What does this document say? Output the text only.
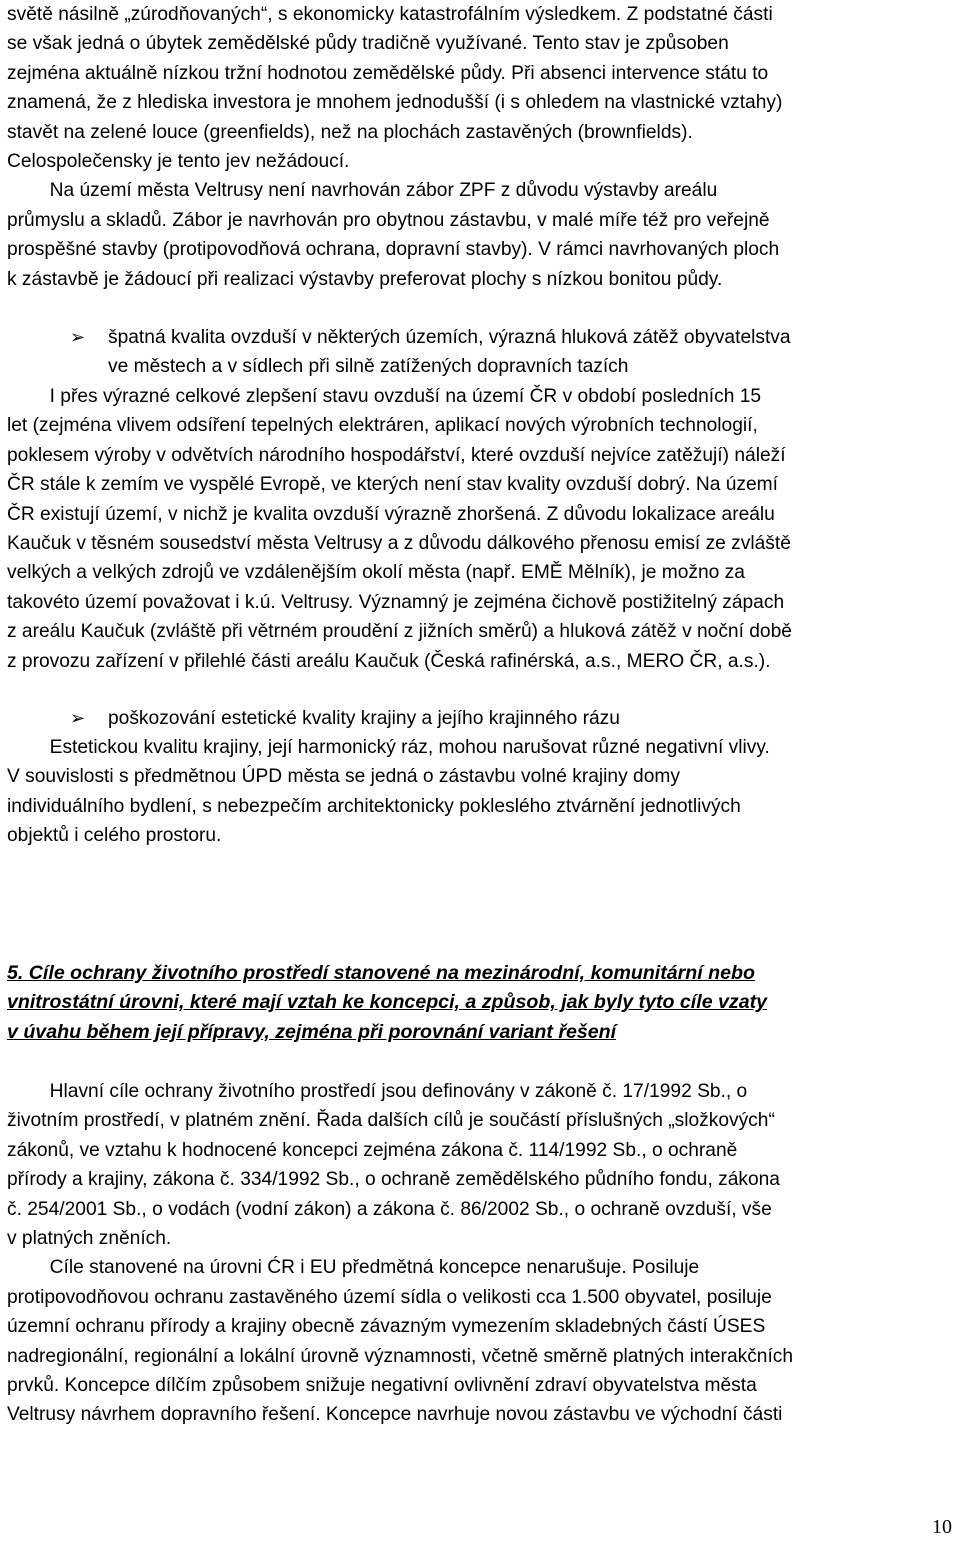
světě násilně „zúrodňovaných“, s ekonomicky katastrofálním výsledkem. Z podstatné části
se však jedná o úbytek zemědělské půdy tradičně využívané. Tento stav je způsoben
zejména aktuálně nízkou tržní hodnotou zemědělské půdy. Při absenci intervence státu to
znamená, že z hlediska investora je mnohem jednodušší (i s ohledem na vlastnické vztahy)
stavět na zelené louce (greenfields), než na plochách zastavěných (brownfields).
Celospolečensky je tento jev nežádoucí.
Na území města Veltrusy není navrhován zábor ZPF z důvodu výstavby areálu
průmyslu a skladů. Zábor je navrhován pro obytnou zástavbu, v malé míře též pro veřejně
prospěšné stavby (protipovodňová ochrana, dopravní stavby). V rámci navrhovaných ploch
k zástavbě je žádoucí při realizaci výstavby preferovat plochy s nízkou bonitou půdy.
➢ špatná kvalita ovzduší v některých územích, výrazná hluková zátěž obyvatelstva
ve městech a v sídlech při silně zatížených dopravních tazích
I přes výrazné celkové zlepšení stavu ovzduší na území ČR v období posledních 15
let (zejména vlivem odsíření tepelných elektráren, aplikací nových výrobních technologií,
poklesem výroby v odvětvích národního hospodářství, které ovzduší nejvíce zatěžují) náleží
ČR stále k zemím ve vyspělé Evropě, ve kterých není stav kvality ovzduší dobrý. Na území
ČR existují území, v nichž je kvalita ovzduší výrazně zhoršená. Z důvodu lokalizace areálu
Kaučuk v těsném sousedství města Veltrusy a z důvodu dálkového přenosu emisí ze zvláště
velkých a velkých zdrojů ve vzdálenějším okolí města (např. EMĚ Mělník), je možno za
takovéto území považovat i k.ú. Veltrusy. Významný je zejména čichově postižitelný zápach
z areálu Kaučuk (zvláště při větrném proudění z jižních směrů) a hluková zátěž v noční době
z provozu zařízení v přilehlé části areálu Kaučuk (Česká rafinérská, a.s., MERO ČR, a.s.).
➢ poškozování estetické kvality krajiny a jejího krajinného rázu
Estetickou kvalitu krajiny, její harmonický ráz, mohou narušovat různé negativní vlivy.
V souvislosti s předmětnou ÚPD města se jedná o zástavbu volné krajiny domy
individuálního bydlení, s nebezpečím architektonicky pokleslého ztvárnění jednotlivých
objektů i celého prostoru.
5. Cíle ochrany životního prostředí stanovené na mezinárodní, komunitární nebo
vnitrostátní úrovni, které mají vztah ke koncepci, a způsob, jak byly tyto cíle vzaty
v úvahu během její přípravy, zejména při porovnání variant řešení
Hlavní cíle ochrany životního prostředí jsou definovány v zákoně č. 17/1992 Sb., o
životním prostředí, v platném znění. Řada dalších cílů je součástí příslušných „složkových“
zákonů, ve vztahu k hodnocené koncepci zejména zákona č. 114/1992 Sb., o ochraně
přírody a krajiny, zákona č. 334/1992 Sb., o ochraně zemědělského půdního fondu, zákona
č. 254/2001 Sb., o vodách (vodní zákon) a zákona č. 86/2002 Sb., o ochraně ovzduší, vše
v platných zněních.
Cíle stanovené na úrovni ĆR i EU předmětná koncepce nenarušuje. Posiluje
protipovodňovou ochranu zastavěného území sídla o velikosti cca 1.500 obyvatel, posiluje
územní ochranu přírody a krajiny obecně závazným vymezením skladebných částí ÚSES
nadregionální, regionální a lokální úrovně významnosti, včetně směrně platných interakčních
prvků. Koncepce dílčím způsobem snižuje negativní ovlivnění zdraví obyvatelstva města
Veltrusy návrhem dopravního řešení. Koncepce navrhuje novou zástavbu ve východní části
10
